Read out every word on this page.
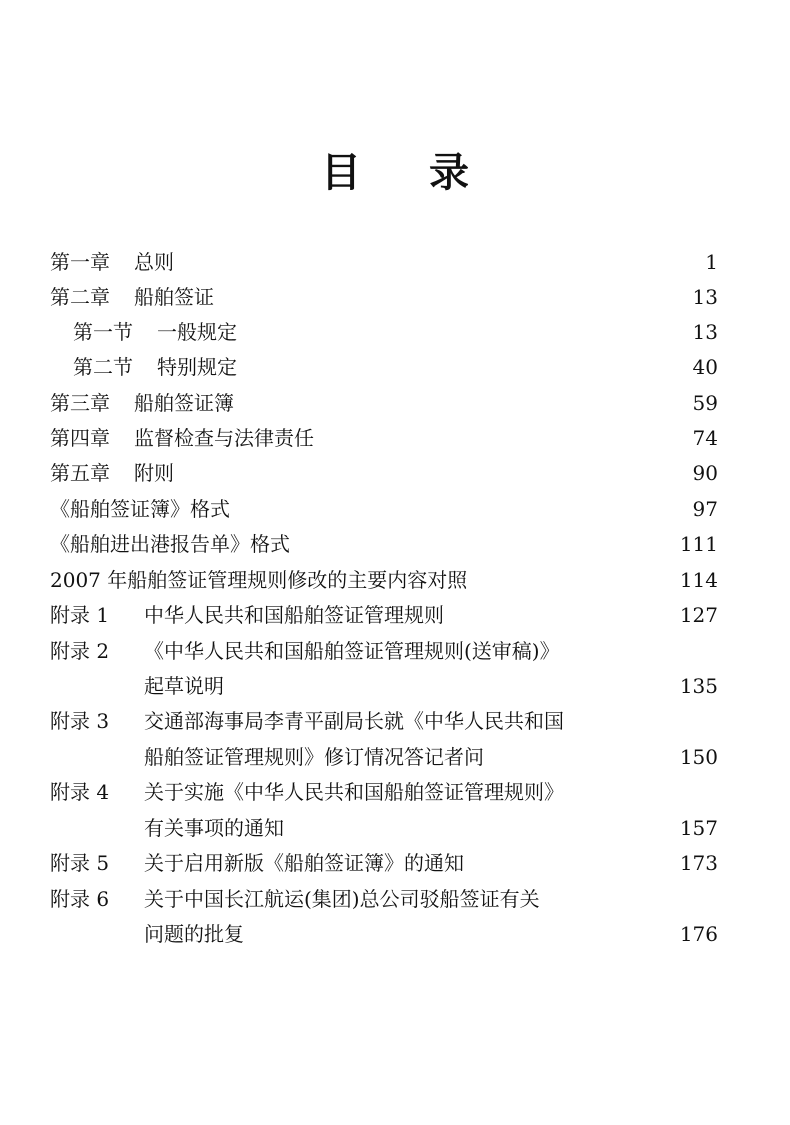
目录
第一章 总则	1
第二章 船舶签证	13
第一节 一般规定	13
第二节 特别规定	40
第三章 船舶签证簿	59
第四章 监督检查与法律责任	74
第五章 附则	90
《船舶签证簿》格式	97
《船舶进出港报告单》格式	111
2007 年船舶签证管理规则修改的主要内容对照	114
附录 1	中华人民共和国船舶签证管理规则	127
附录 2	《中华人民共和国船舶签证管理规则(送审稿)》
起草说明	135
附录 3	交通部海事局李青平副局长就《中华人民共和国
船舶签证管理规则》修订情况答记者问	150
附录 4	关于实施《中华人民共和国船舶签证管理规则》
有关事项的通知	157
附录 5	关于启用新版《船舶签证簿》的通知	173
附录 6	关于中国长江航运(集团)总公司驳船签证有关
问题的批复	176
